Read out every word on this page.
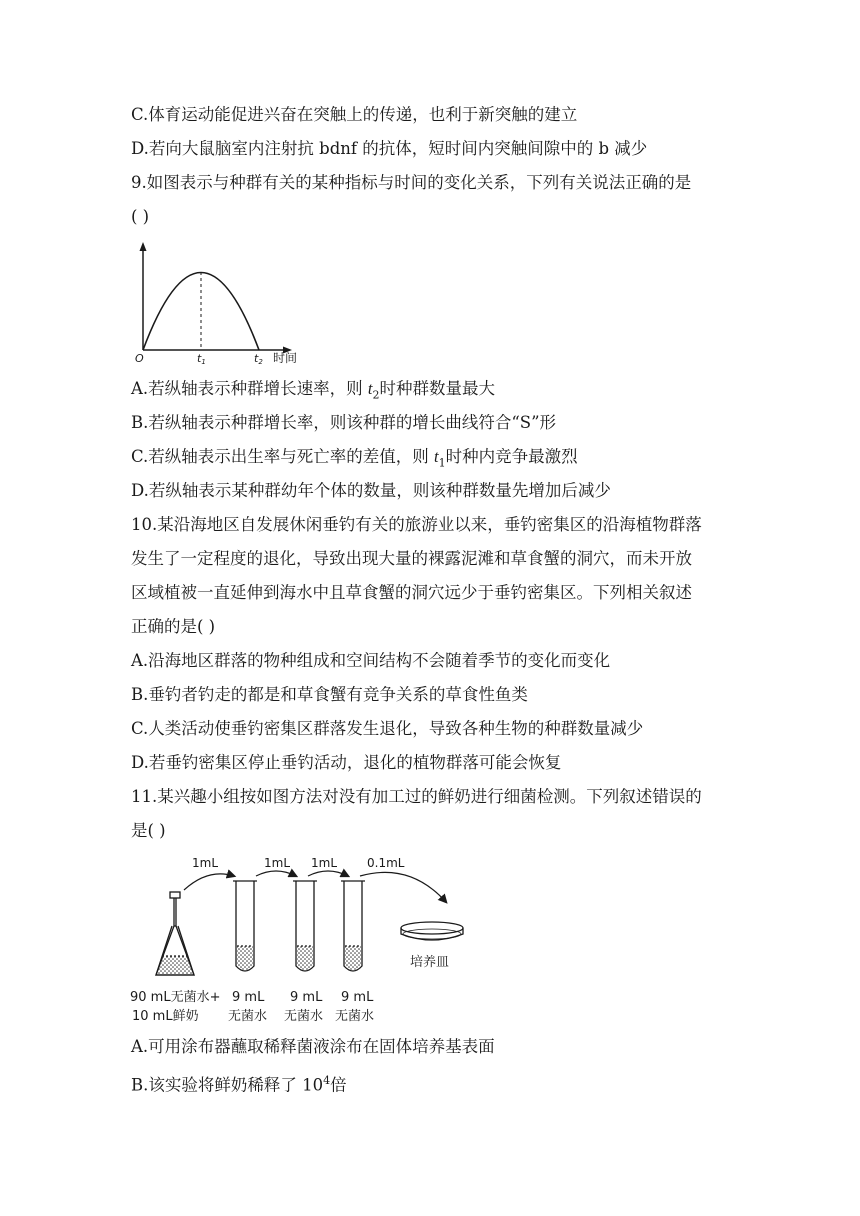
C.体育运动能促进兴奋在突触上的传递，也利于新突触的建立
D.若向大鼠脑室内注射抗 bdnf 的抗体，短时间内突触间隙中的 b 减少
9.如图表示与种群有关的某种指标与时间的变化关系，下列有关说法正确的是
( )
O	t1	t2 时间
A.若纵轴表示种群增长速率，则 $t_2$时种群数量最大
B.若纵轴表示种群增长率，则该种群的增长曲线符合“S”形
C.若纵轴表示出生率与死亡率的差值，则 $t_1$时种内竞争最激烈
D.若纵轴表示某种群幼年个体的数量，则该种群数量先增加后减少
10.某沿海地区自发展休闲垂钓有关的旅游业以来，垂钓密集区的沿海植物群落
发生了一定程度的退化，导致出现大量的裸露泥滩和草食蟹的洞穴，而未开放
区域植被一直延伸到海水中且草食蟹的洞穴远少于垂钓密集区。下列相关叙述
正确的是( )
A.沿海地区群落的物种组成和空间结构不会随着季节的变化而变化
B.垂钓者钓走的都是和草食蟹有竞争关系的草食性鱼类
C.人类活动使垂钓密集区群落发生退化，导致各种生物的种群数量减少
D.若垂钓密集区停止垂钓活动，退化的植物群落可能会恢复
11.某兴趣小组按如图方法对没有加工过的鲜奶进行细菌检测。下列叙述错误的
是( )
1mL	1mL 1mL 0.1mL
培养皿
90 mL无菌水+
10 mL鲜奶
9 mL
无菌水
9 mL
无菌水
9 mL
无菌水
A.可用涂布器蘸取稀释菌液涂布在固体培养基表面
B.该实验将鲜奶稀释了 $10^4$倍
